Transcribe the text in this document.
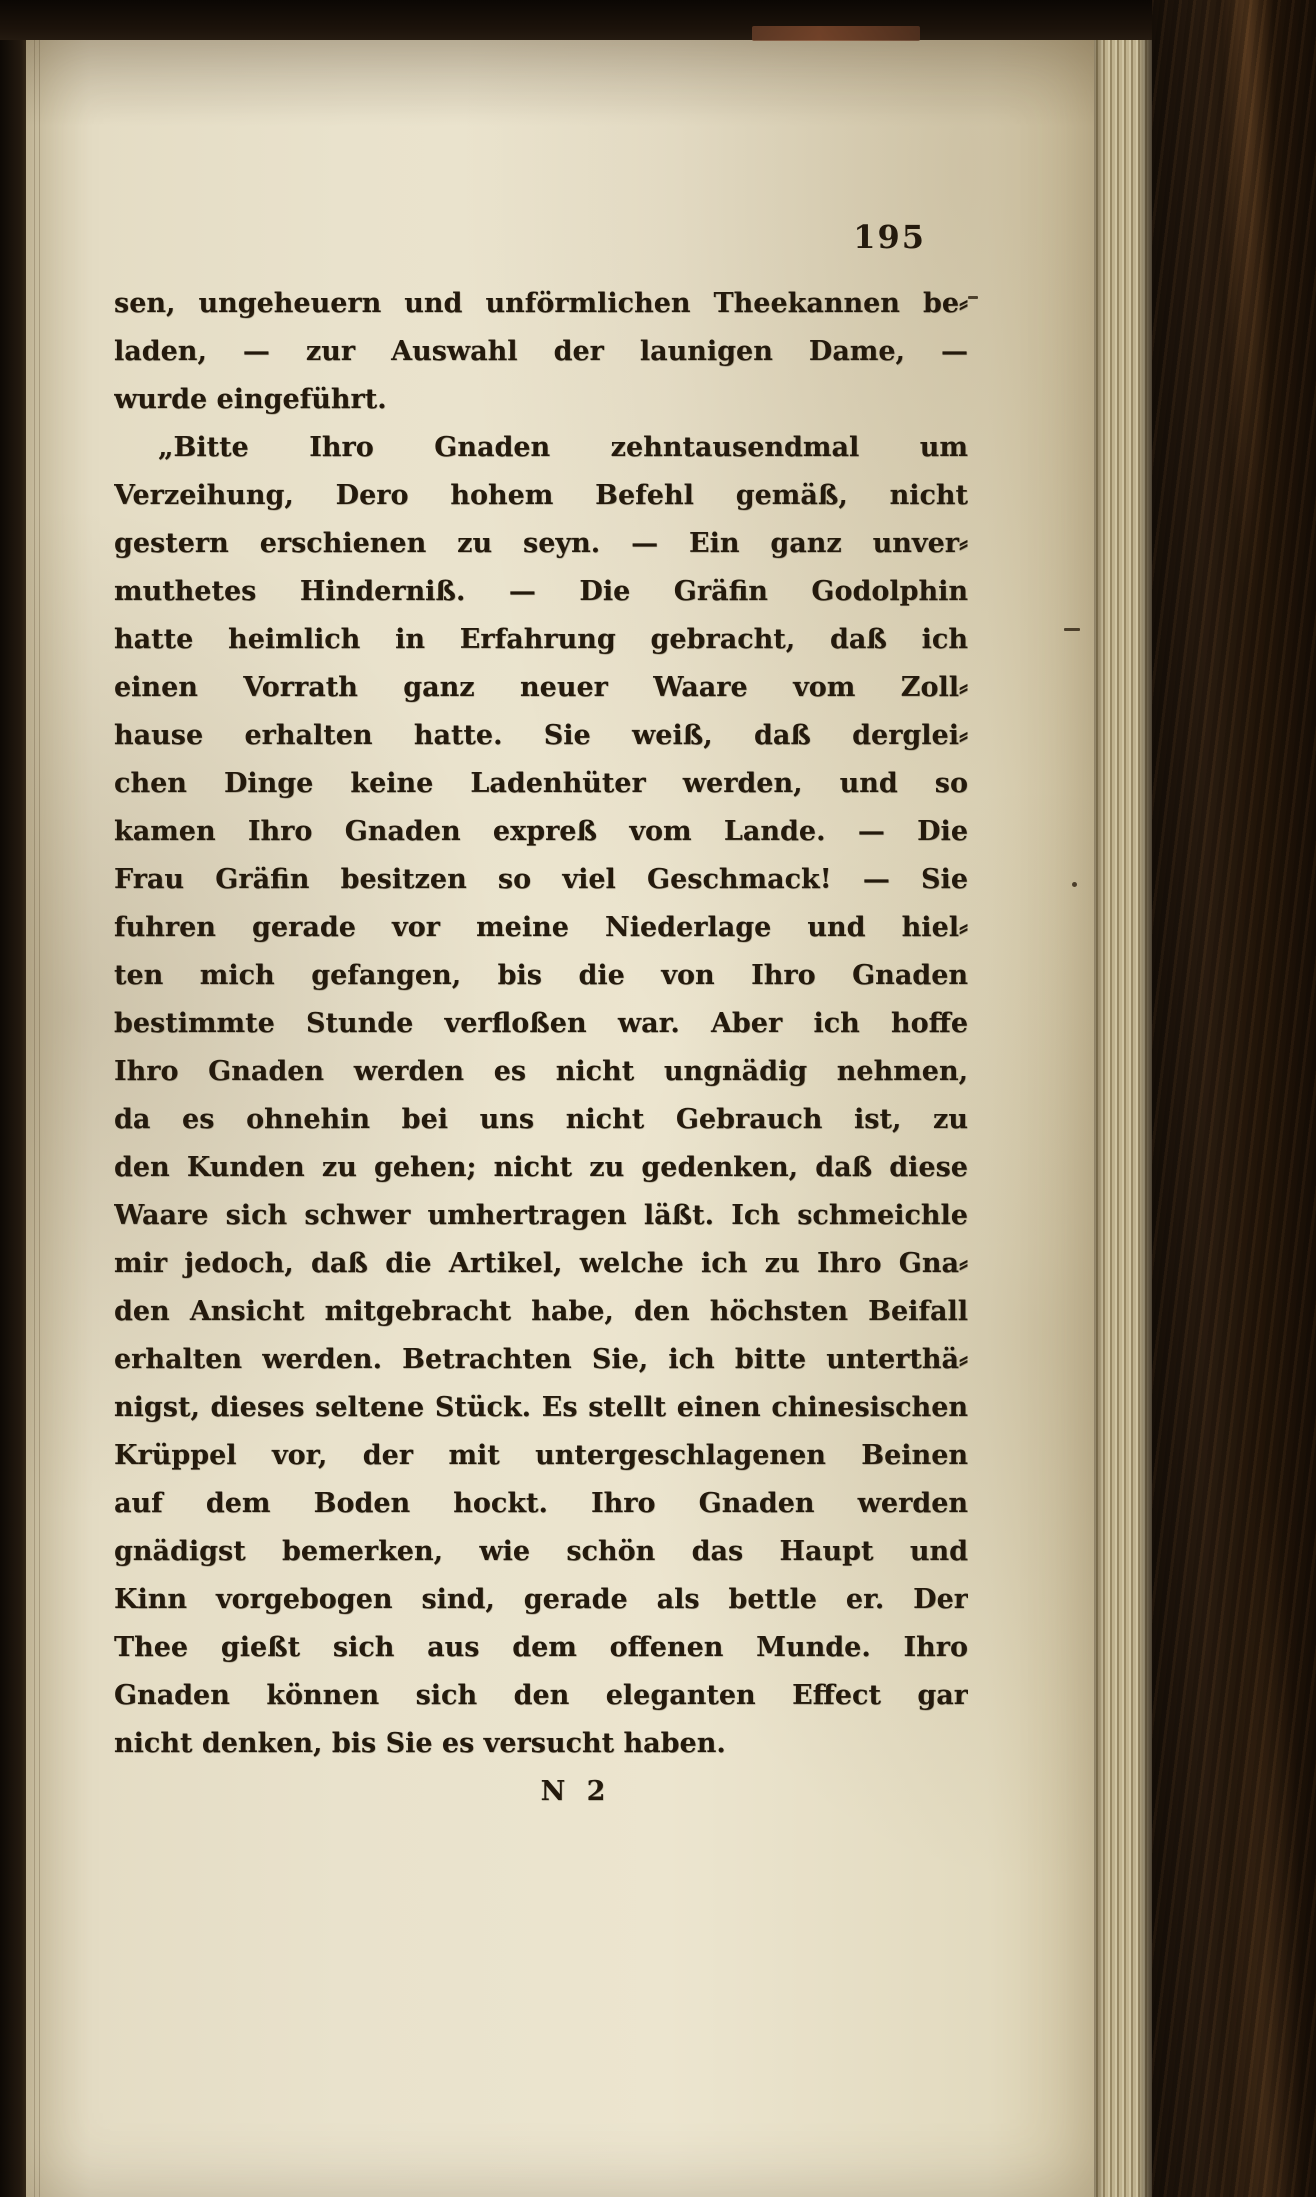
195
sen, ungeheuern und unförmlichen Theekannen be⸗
laden, — zur Auswahl der launigen Dame, —
wurde eingeführt.
„Bitte Ihro Gnaden zehntausendmal um
Verzeihung, Dero hohem Befehl gemäß, nicht
gestern erschienen zu seyn. — Ein ganz unver⸗
muthetes Hinderniß. — Die Gräfin Godolphin
hatte heimlich in Erfahrung gebracht, daß ich
einen Vorrath ganz neuer Waare vom Zoll⸗
hause erhalten hatte. Sie weiß, daß derglei⸗
chen Dinge keine Ladenhüter werden, und so
kamen Ihro Gnaden expreß vom Lande. — Die
Frau Gräfin besitzen so viel Geschmack! — Sie
fuhren gerade vor meine Niederlage und hiel⸗
ten mich gefangen, bis die von Ihro Gnaden
bestimmte Stunde verfloßen war. Aber ich hoffe
Ihro Gnaden werden es nicht ungnädig nehmen,
da es ohnehin bei uns nicht Gebrauch ist, zu
den Kunden zu gehen; nicht zu gedenken, daß diese
Waare sich schwer umhertragen läßt. Ich schmeichle
mir jedoch, daß die Artikel, welche ich zu Ihro Gna⸗
den Ansicht mitgebracht habe, den höchsten Beifall
erhalten werden. Betrachten Sie, ich bitte unterthä⸗
nigst, dieses seltene Stück. Es stellt einen chinesischen
Krüppel vor, der mit untergeschlagenen Beinen
auf dem Boden hockt. Ihro Gnaden werden
gnädigst bemerken, wie schön das Haupt und
Kinn vorgebogen sind, gerade als bettle er. Der
Thee gießt sich aus dem offenen Munde. Ihro
Gnaden können sich den eleganten Effect gar
nicht denken, bis Sie es versucht haben.
N 2
